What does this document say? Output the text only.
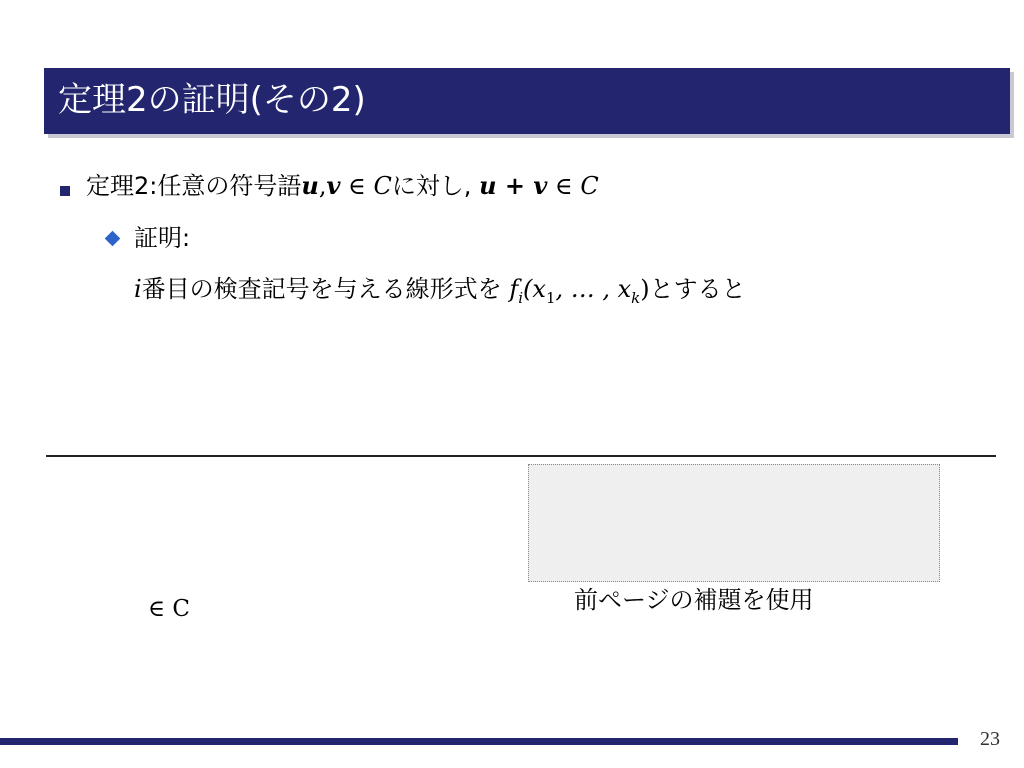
定理2の証明(その2)
定理2:任意の符号語u,v ∈ Cに対し, u + v ∈ C
証明:
i番目の検査記号を与える線形式を $f_i(x_1$, … , $x_k$)とすると
∈ C	前ページの補題を使用
23
